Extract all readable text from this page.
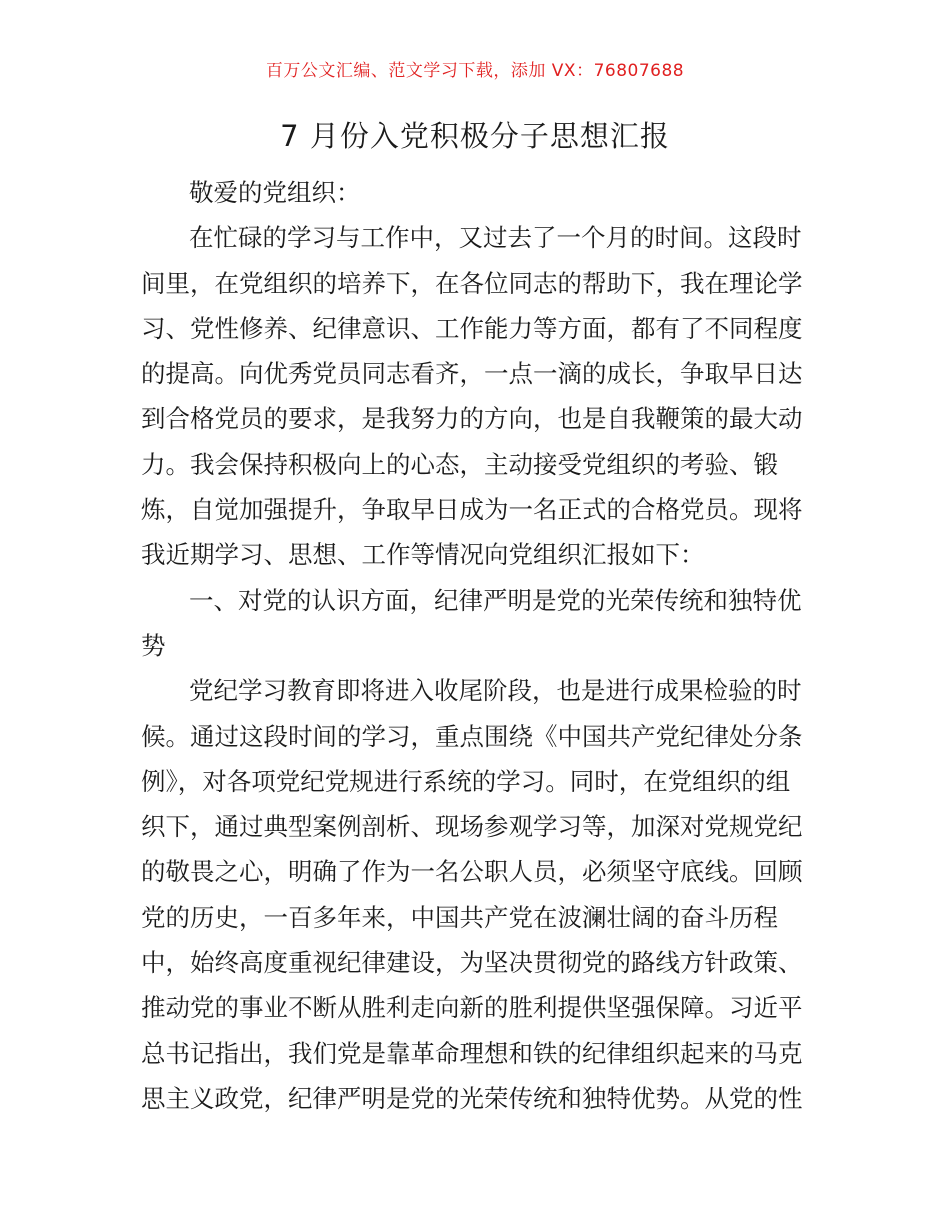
百万公文汇编、范文学习下载，添加 VX：76807688
7 月份入党积极分子思想汇报
敬爱的党组织：
在忙碌的学习与工作中，又过去了一个月的时间。这段时
间里，在党组织的培养下，在各位同志的帮助下，我在理论学
习、党性修养、纪律意识、工作能力等方面，都有了不同程度
的提高。向优秀党员同志看齐，一点一滴的成长，争取早日达
到合格党员的要求，是我努力的方向，也是自我鞭策的最大动
力。我会保持积极向上的心态，主动接受党组织的考验、锻
炼，自觉加强提升，争取早日成为一名正式的合格党员。现将
我近期学习、思想、工作等情况向党组织汇报如下：
一、对党的认识方面，纪律严明是党的光荣传统和独特优
势
党纪学习教育即将进入收尾阶段，也是进行成果检验的时
候。通过这段时间的学习，重点围绕《中国共产党纪律处分条
例》，对各项党纪党规进行系统的学习。同时，在党组织的组
织下，通过典型案例剖析、现场参观学习等，加深对党规党纪
的敬畏之心，明确了作为一名公职人员，必须坚守底线。回顾
党的历史，一百多年来，中国共产党在波澜壮阔的奋斗历程
中，始终高度重视纪律建设，为坚决贯彻党的路线方针政策、
推动党的事业不断从胜利走向新的胜利提供坚强保障。习近平
总书记指出，我们党是靠革命理想和铁的纪律组织起来的马克
思主义政党，纪律严明是党的光荣传统和独特优势。从党的性
